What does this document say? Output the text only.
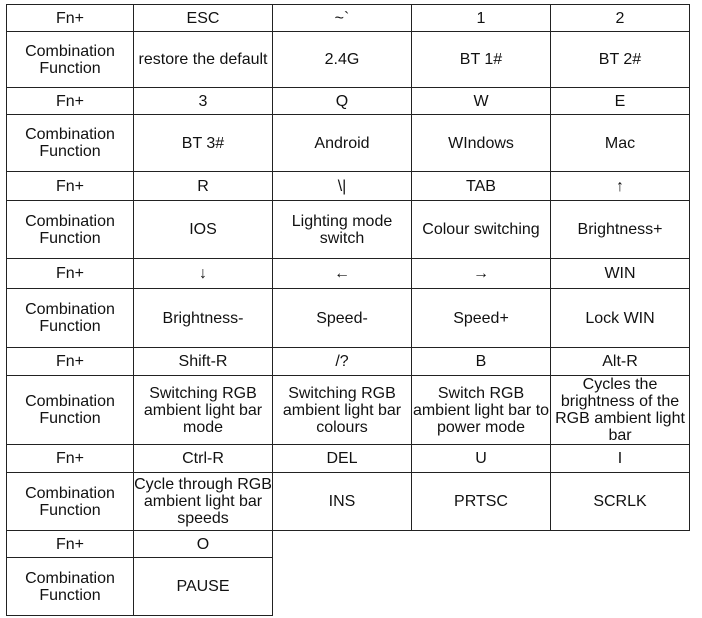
Fn+	ESC	~`	1	2
Combination Function	restore the default	2.4G	BT 1#	BT 2#
Fn+	3	Q	W	E
Combination Function	BT 3#	Android	WIndows	Mac
Fn+	R	\|	TAB	↑
Combination Function	IOS	Lighting mode switch	Colour switching	Brightness+
Fn+	↓	←	→	WIN
Combination Function	Brightness-	Speed-	Speed+	Lock WIN
Fn+	Shift-R	/?	B	Alt-R
Combination Function	Switching RGB ambient light bar mode	Switching RGB ambient light bar colours	Switch RGB ambient light bar to power mode	Cycles the brightness of the RGB ambient light bar
Fn+	Ctrl-R	DEL	U	I
Combination Function	Cycle through RGB ambient light bar speeds	INS	PRTSC	SCRLK
Fn+	O			
Combination Function	PAUSE			
